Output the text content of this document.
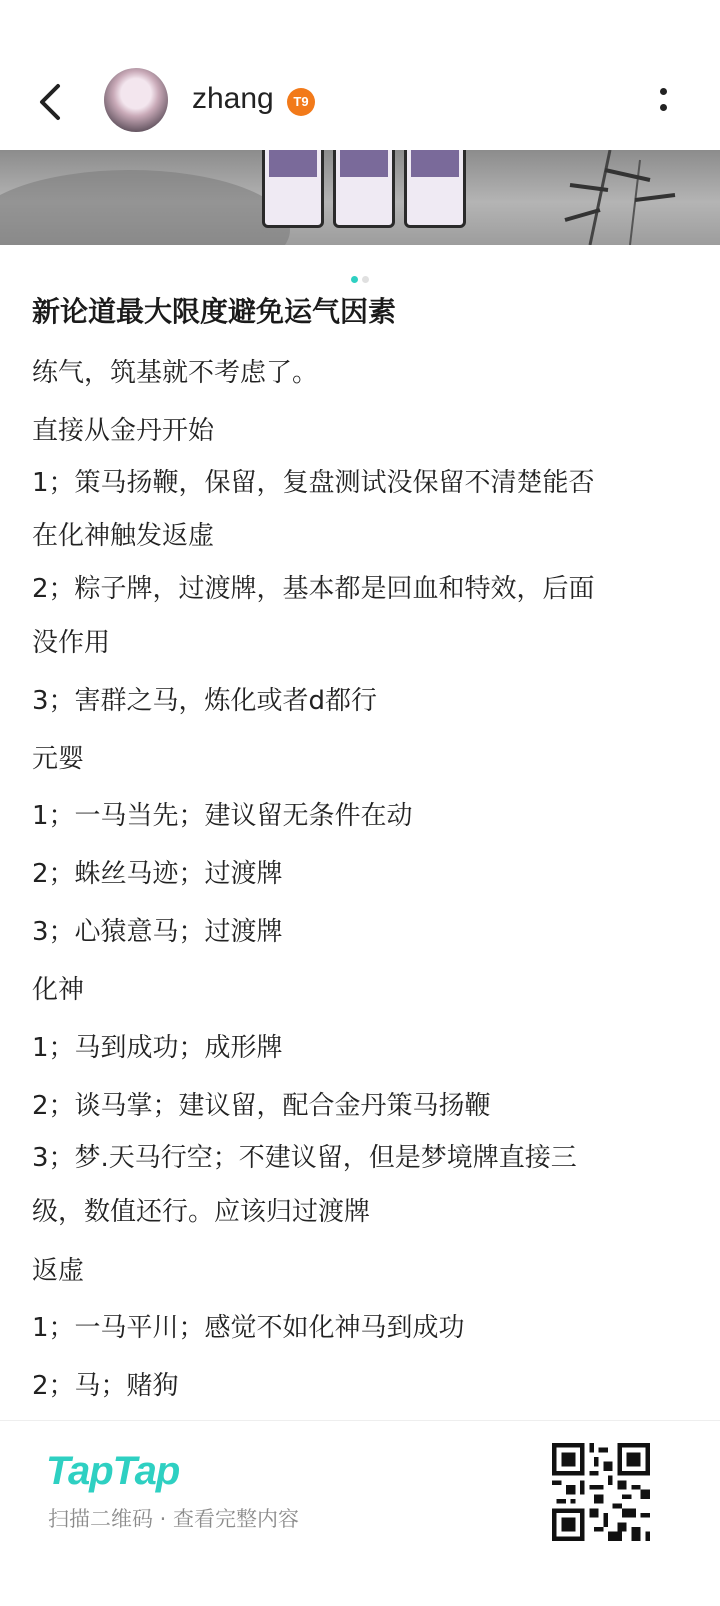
zhang	T9
新论道最大限度避免运气因素
练气，筑基就不考虑了。
直接从金丹开始
1；策马扬鞭，保留，复盘测试没保留不清楚能否
在化神触发返虚
2；粽子牌，过渡牌，基本都是回血和特效，后面
没作用
3；害群之马，炼化或者d都行
元婴
1；一马当先；建议留无条件在动
2；蛛丝马迹；过渡牌
3；心猿意马；过渡牌
化神
1；马到成功；成形牌
2；谈马掌；建议留，配合金丹策马扬鞭
3；梦.天马行空；不建议留，但是梦境牌直接三
级，数值还行。应该归过渡牌
返虚
1；一马平川；感觉不如化神马到成功
2；马；赌狗
TapTap
扫描二维码 · 查看完整内容
